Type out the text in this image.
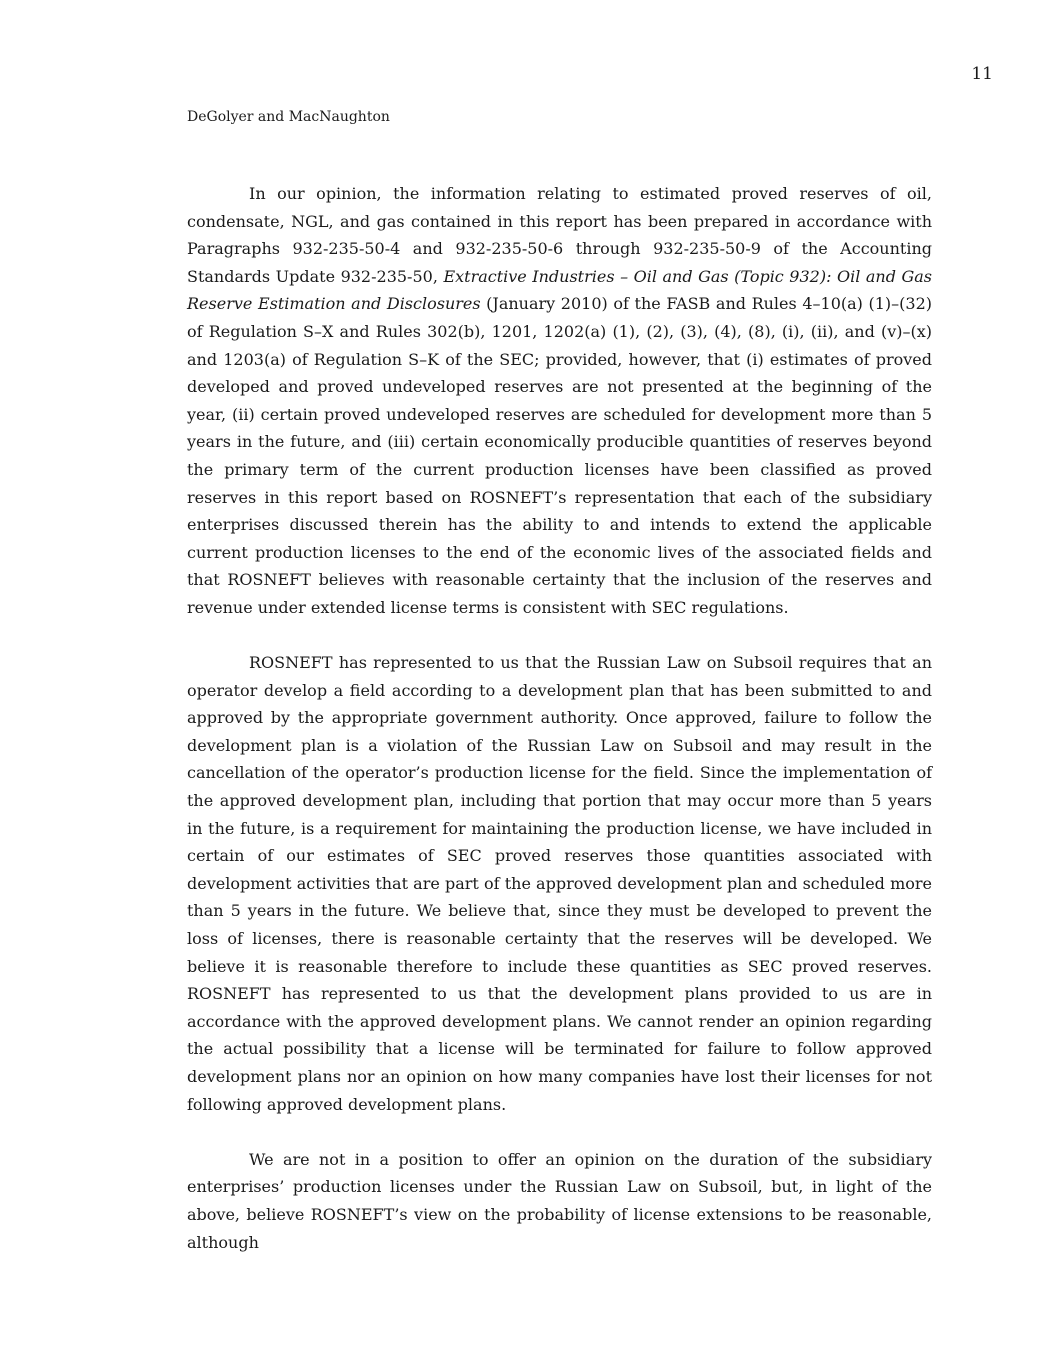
11
DeGolyer and MacNaughton

In our opinion, the information relating to estimated proved reserves of oil, condensate, NGL, and gas contained in this report has been prepared in accordance with Paragraphs 932-235-50-4 and 932-235-50-6 through 932-235-50-9 of the Accounting Standards Update 932-235-50, Extractive Industries – Oil and Gas (Topic 932): Oil and Gas Reserve Estimation and Disclosures (January 2010) of the FASB and Rules 4–10(a) (1)–(32) of Regulation S–X and Rules 302(b), 1201, 1202(a) (1), (2), (3), (4), (8), (i), (ii), and (v)–(x) and 1203(a) of Regulation S–K of the SEC; provided, however, that (i) estimates of proved developed and proved undeveloped reserves are not presented at the beginning of the year, (ii) certain proved undeveloped reserves are scheduled for development more than 5 years in the future, and (iii) certain economically producible quantities of reserves beyond the primary term of the current production licenses have been classified as proved reserves in this report based on ROSNEFT’s representation that each of the subsidiary enterprises discussed therein has the ability to and intends to extend the applicable current production licenses to the end of the economic lives of the associated fields and that ROSNEFT believes with reasonable certainty that the inclusion of the reserves and revenue under extended license terms is consistent with SEC regulations.

ROSNEFT has represented to us that the Russian Law on Subsoil requires that an operator develop a field according to a development plan that has been submitted to and approved by the appropriate government authority. Once approved, failure to follow the development plan is a violation of the Russian Law on Subsoil and may result in the cancellation of the operator’s production license for the field. Since the implementation of the approved development plan, including that portion that may occur more than 5 years in the future, is a requirement for maintaining the production license, we have included in certain of our estimates of SEC proved reserves those quantities associated with development activities that are part of the approved development plan and scheduled more than 5 years in the future. We believe that, since they must be developed to prevent the loss of licenses, there is reasonable certainty that the reserves will be developed. We believe it is reasonable therefore to include these quantities as SEC proved reserves. ROSNEFT has represented to us that the development plans provided to us are in accordance with the approved development plans. We cannot render an opinion regarding the actual possibility that a license will be terminated for failure to follow approved development plans nor an opinion on how many companies have lost their licenses for not following approved development plans.

We are not in a position to offer an opinion on the duration of the subsidiary enterprises’ production licenses under the Russian Law on Subsoil, but, in light of the above, believe ROSNEFT’s view on the probability of license extensions to be reasonable, although
